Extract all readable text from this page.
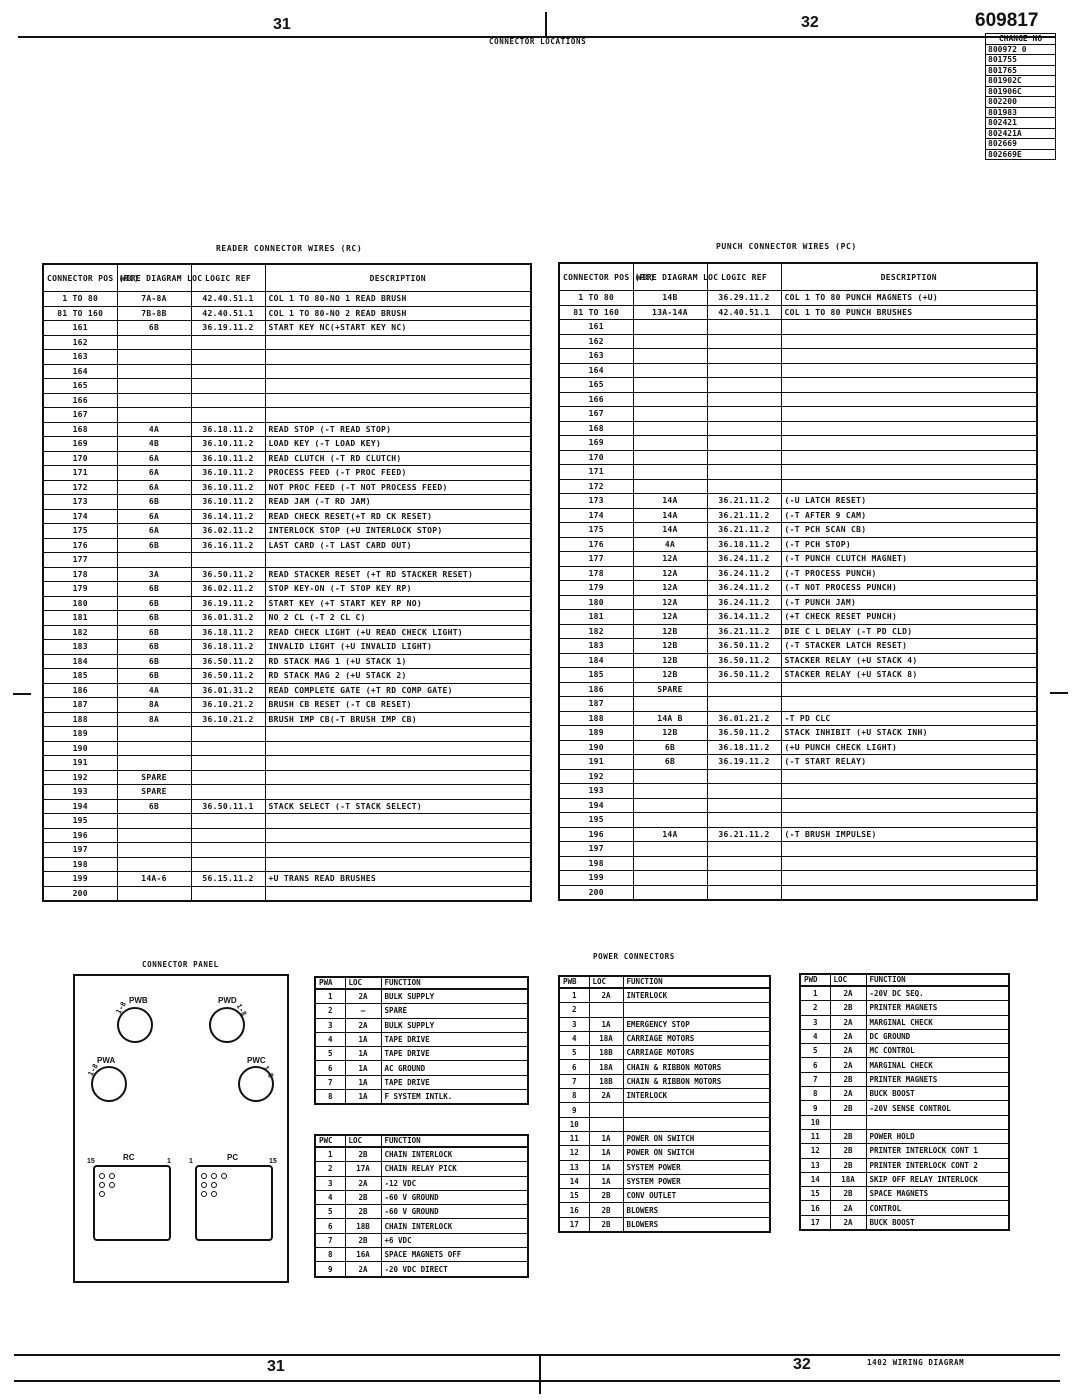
31	32	609817
CONNECTOR LOCATIONS	CHANGE NO
800972 0
801755
801765
801902C
801906C
802200
801983
802421
802421A
802669
802669E
READER CONNECTOR WIRES (RC)	PUNCH CONNECTOR WIRES (PC)
CONNECTOR POS (RC)	WIRE DIAGRAM LOC	LOGIC REF	DESCRIPTION
1 TO 80	7A-8A	42.40.51.1	COL 1 TO 80-NO 1 READ BRUSH
81 TO 160	7B-8B	42.40.51.1	COL 1 TO 80-NO 2 READ BRUSH
161	6B	36.19.11.2	START KEY NC(+START KEY NC)
162			
163			
164			
165			
166			
167			
168	4A	36.18.11.2	READ STOP (-T READ STOP)
169	4B	36.10.11.2	LOAD KEY (-T LOAD KEY)
170	6A	36.10.11.2	READ CLUTCH (-T RD CLUTCH)
171	6A	36.10.11.2	PROCESS FEED (-T PROC FEED)
172	6A	36.10.11.2	NOT PROC FEED (-T NOT PROCESS FEED)
173	6B	36.10.11.2	READ JAM (-T RD JAM)
174	6A	36.14.11.2	READ CHECK RESET(+T RD CK RESET)
175	6A	36.02.11.2	INTERLOCK STOP (+U INTERLOCK STOP)
176	6B	36.16.11.2	LAST CARD (-T LAST CARD OUT)
177			
178	3A	36.50.11.2	READ STACKER RESET (+T RD STACKER RESET)
179	6B	36.02.11.2	STOP KEY-ON (-T STOP KEY RP)
180	6B	36.19.11.2	START KEY (+T START KEY RP NO)
181	6B	36.01.31.2	NO 2 CL (-T 2 CL C)
182	6B	36.18.11.2	READ CHECK LIGHT (+U READ CHECK LIGHT)
183	6B	36.18.11.2	INVALID LIGHT (+U INVALID LIGHT)
184	6B	36.50.11.2	RD STACK MAG 1 (+U STACK 1)
185	6B	36.50.11.2	RD STACK MAG 2 (+U STACK 2)
186	4A	36.01.31.2	READ COMPLETE GATE (+T RD COMP GATE)
187	8A	36.10.21.2	BRUSH CB RESET (-T CB RESET)
188	8A	36.10.21.2	BRUSH IMP CB(-T BRUSH IMP CB)
189			
190			
191			
192	SPARE		
193	SPARE		
194	6B	36.50.11.1	STACK SELECT (-T STACK SELECT)
195			
196			
197			
198			
199	14A-6	56.15.11.2	+U TRANS READ BRUSHES
200			
CONNECTOR POS (PC)	WIRE DIAGRAM LOC	LOGIC REF	DESCRIPTION
1 TO 80	14B	36.29.11.2	COL 1 TO 80 PUNCH MAGNETS (+U)
81 TO 160	13A-14A	42.40.51.1	COL 1 TO 80 PUNCH BRUSHES
161			
162			
163			
164			
165			
166			
167			
168			
169			
170			
171			
172			
173	14A	36.21.11.2	(-U LATCH RESET)
174	14A	36.21.11.2	(-T AFTER 9 CAM)
175	14A	36.21.11.2	(-T PCH SCAN CB)
176	4A	36.18.11.2	(-T PCH STOP)
177	12A	36.24.11.2	(-T PUNCH CLUTCH MAGNET)
178	12A	36.24.11.2	(-T PROCESS PUNCH)
179	12A	36.24.11.2	(-T NOT PROCESS PUNCH)
180	12A	36.24.11.2	(-T PUNCH JAM)
181	12A	36.14.11.2	(+T CHECK RESET PUNCH)
182	12B	36.21.11.2	DIE C L DELAY (-T PD CLD)
183	12B	36.50.11.2	(-T STACKER LATCH RESET)
184	12B	36.50.11.2	STACKER RELAY (+U STACK 4)
185	12B	36.50.11.2	STACKER RELAY (+U STACK 8)
186	SPARE		
187			
188	14A B	36.01.21.2	-T PD CLC
189	12B	36.50.11.2	STACK INHIBIT (+U STACK INH)
190	6B	36.18.11.2	(+U PUNCH CHECK LIGHT)
191	6B	36.19.11.2	(-T START RELAY)
192			
193			
194			
195			
196	14A	36.21.11.2	(-T BRUSH IMPULSE)
197			
198			
199			
200			
CONNECTOR PANEL
PWB
1-8
PWD
1-8
PWA
1-8
PWC
1-8
RC
15	1	PC
1	15
POWER CONNECTORS
PWA	LOC	FUNCTION
1	2A	BULK SUPPLY
2	—	SPARE
3	2A	BULK SUPPLY
4	1A	TAPE DRIVE
5	1A	TAPE DRIVE
6	1A	AC GROUND
7	1A	TAPE DRIVE
8	1A	F SYSTEM INTLK.
PWC	LOC	FUNCTION
1	2B	CHAIN INTERLOCK
2	17A	CHAIN RELAY PICK
3	2A	-12 VDC
4	2B	-60 V GROUND
5	2B	-60 V GROUND
6	18B	CHAIN INTERLOCK
7	2B	+6 VDC
8	16A	SPACE MAGNETS OFF
9	2A	-20 VDC DIRECT
PWB	LOC	FUNCTION
1	2A	INTERLOCK
2		
3	1A	EMERGENCY STOP
4	18A	CARRIAGE MOTORS
5	18B	CARRIAGE MOTORS
6	18A	CHAIN & RIBBON MOTORS
7	18B	CHAIN & RIBBON MOTORS
8	2A	INTERLOCK
9		
10		
11	1A	POWER ON SWITCH
12	1A	POWER ON SWITCH
13	1A	SYSTEM POWER
14	1A	SYSTEM POWER
15	2B	CONV OUTLET
16	2B	BLOWERS
17	2B	BLOWERS
PWD	LOC	FUNCTION
1	2A	-20V DC SEQ.
2	2B	PRINTER MAGNETS
3	2A	MARGINAL CHECK
4	2A	DC GROUND
5	2A	MC CONTROL
6	2A	MARGINAL CHECK
7	2B	PRINTER MAGNETS
8	2A	BUCK BOOST
9	2B	-20V SENSE CONTROL
10		
11	2B	POWER HOLD
12	2B	PRINTER INTERLOCK CONT 1
13	2B	PRINTER INTERLOCK CONT 2
14	18A	SKIP OFF RELAY INTERLOCK
15	2B	SPACE MAGNETS
16	2A	CONTROL
17	2A	BUCK BOOST
31	32	1402 WIRING DIAGRAM
